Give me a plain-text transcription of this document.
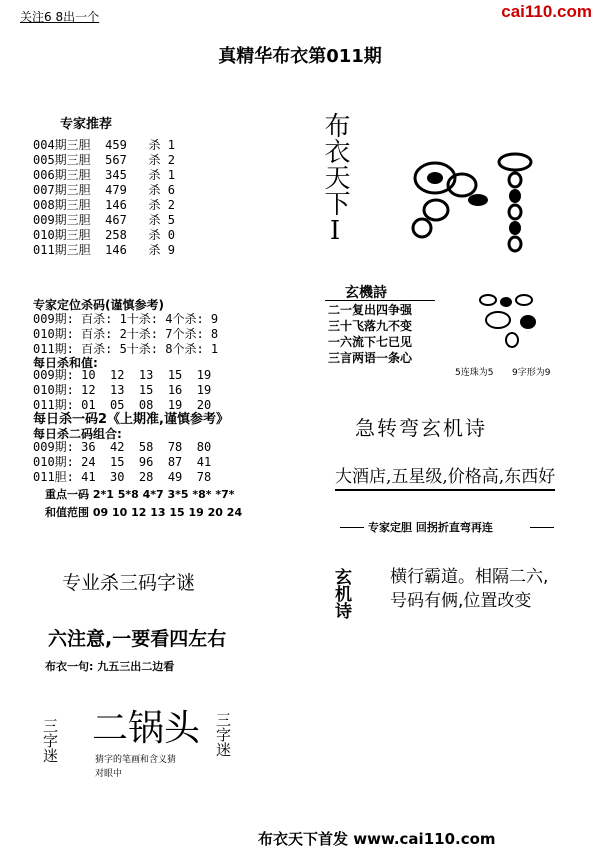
关注6 8出一个	cai110.com
真精华布衣第011期
专家推荐
004期三胆  459   杀 1
005期三胆  567   杀 2
006期三胆  345   杀 1
007期三胆  479   杀 6
008期三胆  146   杀 2
009期三胆  467   杀 5
010期三胆  258   杀 0
011期三胆  146   杀 9
专家定位杀码(谨慎参考)
009期: 百杀: 1十杀: 4个杀: 9
010期: 百杀: 2十杀: 7个杀: 8
011期: 百杀: 5十杀: 8个杀: 1
每日杀和值:
009期: 10  12  13  15  19
010期: 12  13  15  16  19
011期: 01  05  08  19  20
每日杀一码2《上期准,谨慎参考》
每日杀二码组合:
009期: 36  42  58  78  80
010期: 24  15  96  87  41
011胆: 41  30  28  49  78
重点一码 2*1 5*8 4*7 3*5 *8* *7*
和值范围 09 10 12 13 15 19 20 24
专业杀三码字谜
六注意,一要看四左右
布衣一句: 九五三出二边看
三字迷 二锅头 三字迷
猜字的笔画和含义猜
对眼中
布衣天下I
玄機詩
二一复出四争强
三十飞落九不变
一六流下七已见
三言两语一条心
5连珠为5 9字形为9
急转弯玄机诗
大酒店,五星级,价格高,东西好
专家定胆 回拐折直弯再连
玄机诗 横行霸道。相隔二六,
号码有俩,位置改变
布衣天下首发 www.cai110.com
